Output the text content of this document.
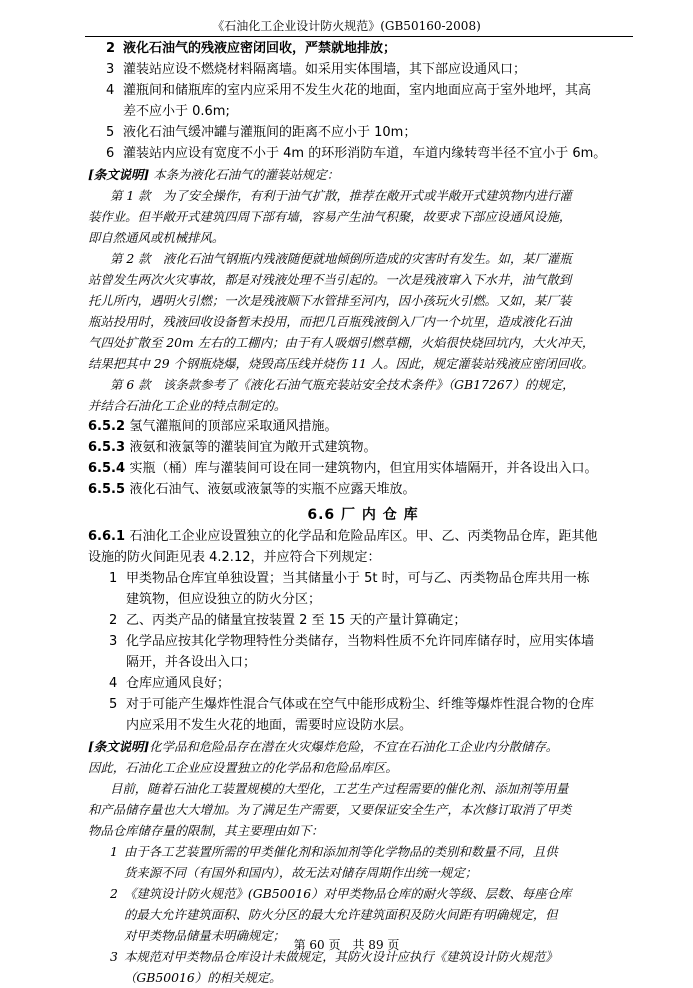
《石油化工企业设计防火规范》(GB50160-2008)
2 液化石油气的残液应密闭回收，严禁就地排放；
3 灌装站应设不燃烧材料隔离墙。如采用实体围墙，其下部应设通风口；
4 灌瓶间和储瓶库的室内应采用不发生火花的地面，室内地面应高于室外地坪，其高
差不应小于 0.6m;
5 液化石油气缓冲罐与灌瓶间的距离不应小于 10m；
6 灌装站内应设有宽度不小于 4m 的环形消防车道，车道内缘转弯半径不宜小于 6m。
[条文说明] 本条为液化石油气的灌装站规定：
第 1 款　为了安全操作，有利于油气扩散，推荐在敞开式或半敞开式建筑物内进行灌
装作业。但半敞开式建筑四周下部有墙，容易产生油气积聚，故要求下部应设通风设施，
即自然通风或机械排风。
第 2 款　液化石油气钢瓶内残液随便就地倾倒所造成的灾害时有发生。如，某厂灌瓶
站曾发生两次火灾事故，都是对残液处理不当引起的。一次是残液窜入下水井，油气散到
托儿所内，遇明火引燃；一次是残液顺下水管排至河内，因小孩玩火引燃。又如，某厂装
瓶站投用时，残液回收设备暂未投用，而把几百瓶残液倒入厂内一个坑里，造成液化石油
气四处扩散至 20m 左右的工棚内；由于有人吸烟引燃草棚，火焰很快烧回坑内，大火冲天，
结果把其中 29 个钢瓶烧爆，烧毁高压线并烧伤 11 人。因此，规定灌装站残液应密闭回收。
第 6 款　该条款参考了《液化石油气瓶充装站安全技术条件》（GB17267）的规定，
并结合石油化工企业的特点制定的。
6.5.2 氢气灌瓶间的顶部应采取通风措施。
6.5.3 液氨和液氯等的灌装间宜为敞开式建筑物。
6.5.4 实瓶（桶）库与灌装间可设在同一建筑物内，但宜用实体墙隔开，并各设出入口。
6.5.5 液化石油气、液氨或液氯等的实瓶不应露天堆放。
6.6 厂 内 仓 库
6.6.1 石油化工企业应设置独立的化学品和危险品库区。甲、乙、丙类物品仓库，距其他
设施的防火间距见表 4.2.12，并应符合下列规定：
1 甲类物品仓库宜单独设置；当其储量小于 5t 时，可与乙、丙类物品仓库共用一栋
建筑物，但应设独立的防火分区；
2 乙、丙类产品的储量宜按装置 2 至 15 天的产量计算确定；
3 化学品应按其化学物理特性分类储存，当物料性质不允许同库储存时，应用实体墙
隔开，并各设出入口；
4 仓库应通风良好；
5 对于可能产生爆炸性混合气体或在空气中能形成粉尘、纤维等爆炸性混合物的仓库
内应采用不发生火花的地面，需要时应设防水层。
[条文说明]化学品和危险品存在潜在火灾爆炸危险，不宜在石油化工企业内分散储存。
因此，石油化工企业应设置独立的化学品和危险品库区。
目前，随着石油化工装置规模的大型化，工艺生产过程需要的催化剂、添加剂等用量
和产品储存量也大大增加。为了满足生产需要，又要保证安全生产，本次修订取消了甲类
物品仓库储存量的限制，其主要理由如下：
1 由于各工艺装置所需的甲类催化剂和添加剂等化学物品的类别和数量不同，且供
货来源不同（有国外和国内），故无法对储存周期作出统一规定；
2 《建筑设计防火规范》(GB50016）对甲类物品仓库的耐火等级、层数、每座仓库
的最大允许建筑面积、防火分区的最大允许建筑面积及防火间距有明确规定，但
对甲类物品储量未明确规定；
3 本规范对甲类物品仓库设计未做规定，其防火设计应执行《建筑设计防火规范》
（GB50016）的相关规定。
第 60 页　共 89 页
